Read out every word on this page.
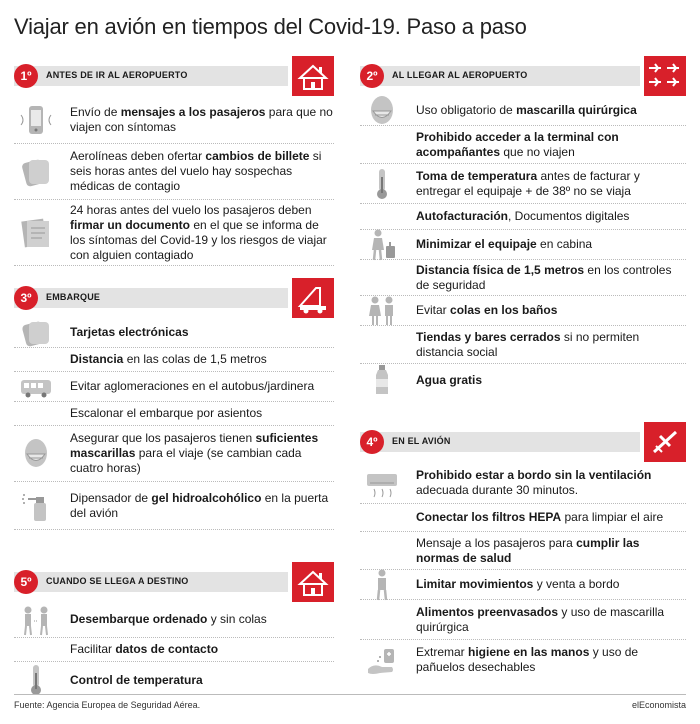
Viajar en avión en tiempos del Covid-19. Paso a paso
1º	ANTES DE IR AL AEROPUERTO
Envío de mensajes a los pasajeros para que no viajen con síntomas
Aerolíneas deben ofertar cambios de billete si seis horas antes del vuelo hay sospechas médicas de contagio
24 horas antes del vuelo los pasajeros deben firmar un documento en el que se informa de los síntomas del Covid-19 y los riesgos de viajar con alguien contagiado
3º	EMBARQUE
Tarjetas electrónicas
Distancia en las colas de 1,5 metros
Evitar aglomeraciones en el autobus/jardinera
Escalonar el embarque por asientos
Asegurar que los pasajeros tienen suficientes mascarillas para el viaje (se cambian cada cuatro horas)
Dipensador de gel hidroalcohólico en la puerta del avión
5º	CUANDO SE LLEGA A DESTINO
Desembarque ordenado y sin colas
Facilitar datos de contacto
Control de temperatura
2º	AL LLEGAR AL AEROPUERTO
Uso obligatorio de mascarilla quirúrgica
Prohibido acceder a la terminal con acompañantes que no viajen
Toma de temperatura antes de facturar y entregar el equipaje + de 38º no se viaja
Autofacturación, Documentos digitales
Minimizar el equipaje en cabina
Distancia física de 1,5 metros en los controles de seguridad
Evitar colas en los baños
Tiendas y bares cerrados si no permiten distancia social
Agua gratis
4º	EN EL AVIÓN
Prohibido estar a bordo sin la ventilación adecuada durante 30 minutos.
Conectar los filtros HEPA para limpiar el aire
Mensaje a los pasajeros para cumplir las normas de salud
Limitar movimientos y venta a bordo
Alimentos preenvasados y uso de mascarilla quirúrgica
Extremar higiene en las manos y uso de pañuelos desechables
Fuente: Agencia Europea de Seguridad Aérea.	elEconomista
